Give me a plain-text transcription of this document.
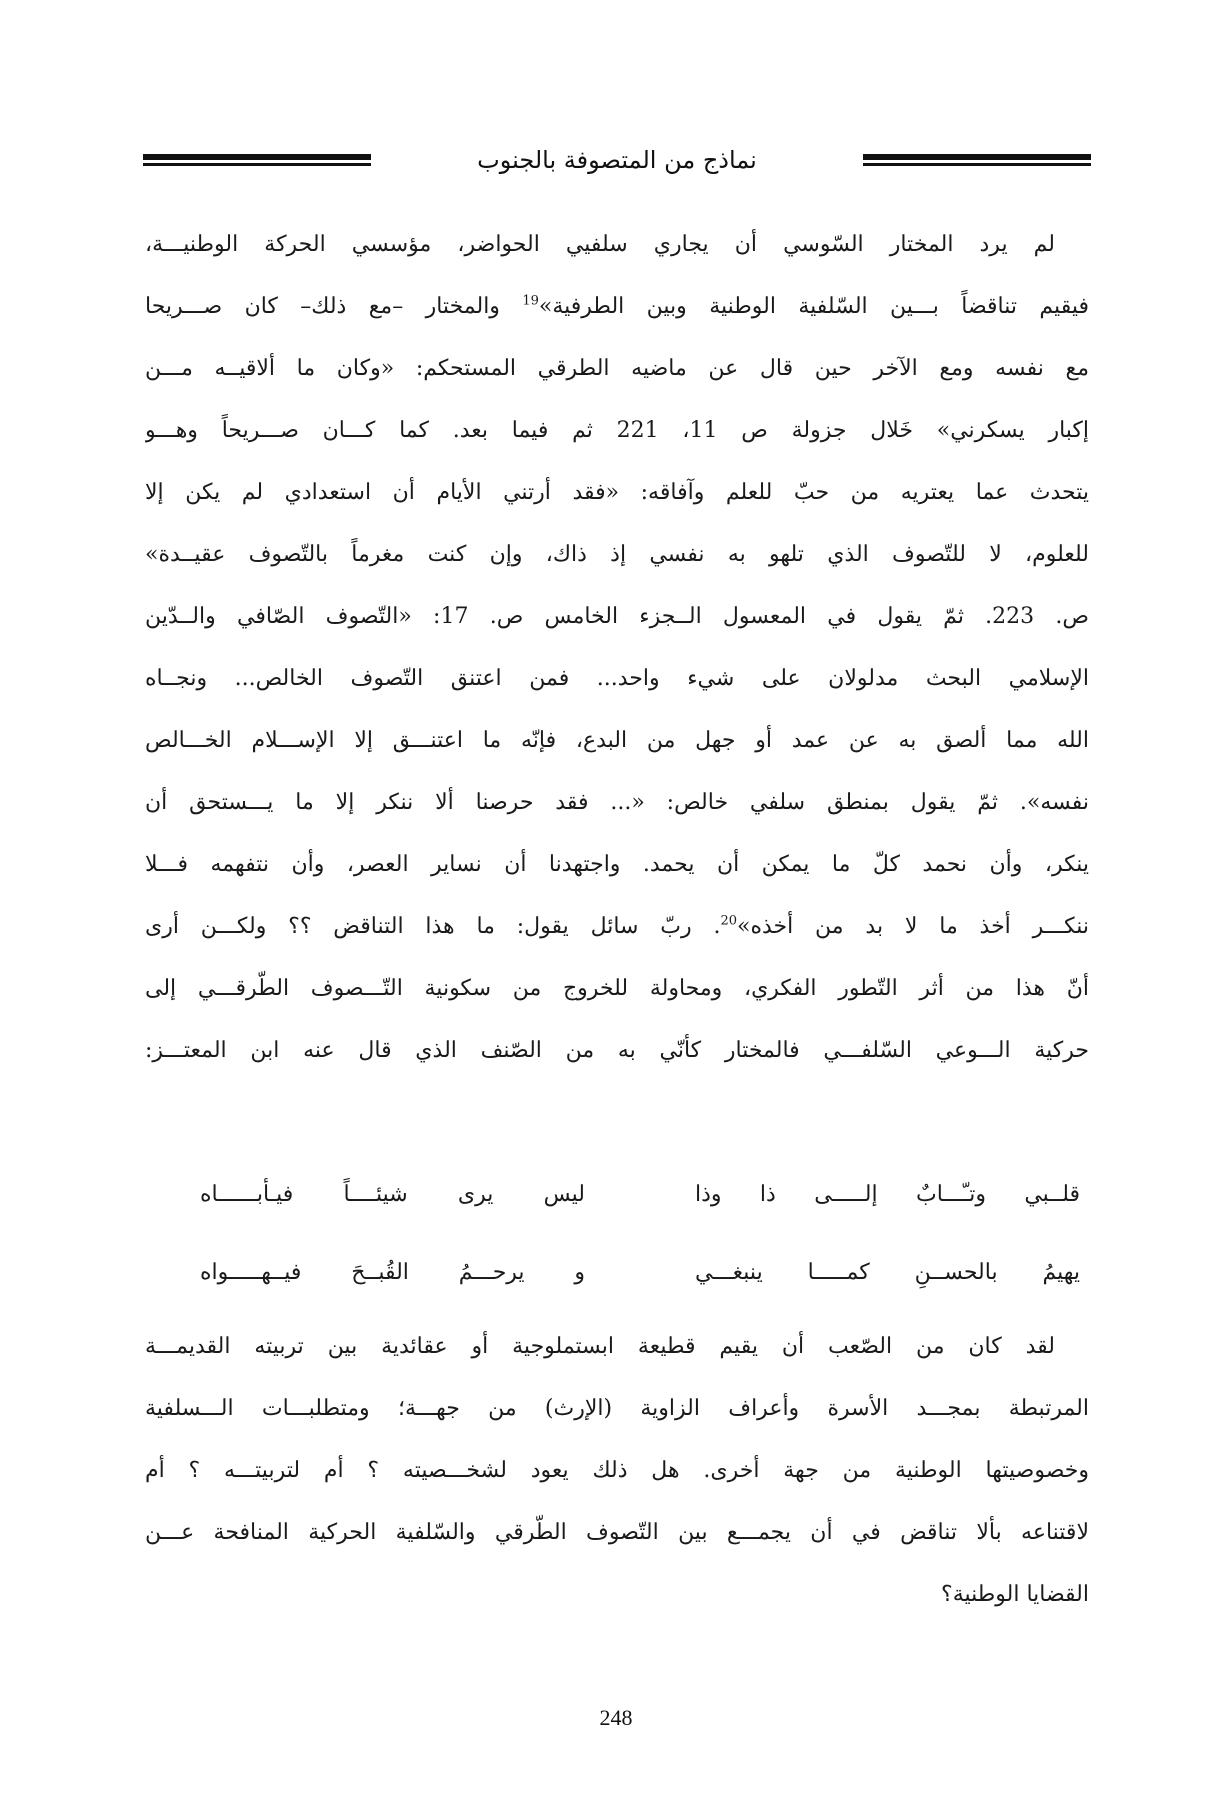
نماذج من المتصوفة بالجنوب
لم يرد المختار السّوسي أن يجاري سلفيي الحواضر، مؤسسي الحركة الوطنيـــة،
فيقيم تناقضاً بـــين السّلفية الوطنية وبين الطرفية»$^{19}$ والمختار –مع ذلك– كان صـــريحا
مع نفسه ومع الآخر حين قال عن ماضيه الطرقي المستحكم: «وكان ما ألاقيــه مـــن
إكبار يسكرني» خَلال جزولة ص 11، 221 ثم فيما بعد. كما كـــان صـــريحاً وهـــو
يتحدث عما يعتريه من حبّ للعلم وآفاقه: «فقد أرتني الأيام أن استعدادي لم يكن إلا
للعلوم، لا للتّصوف الذي تلهو به نفسي إذ ذاك، وإن كنت مغرماً بالتّصوف عقيــدة»
ص. 223. ثمّ يقول في المعسول الــجزء الخامس ص. 17: «التّصوف الصّافي والــدّين
الإسلامي البحث مدلولان على شيء واحد... فمن اعتنق التّصوف الخالص... ونجــاه
الله مما ألصق به عن عمد أو جهل من البدع، فإنّه ما اعتنـــق إلا الإســـلام الخـــالص
نفسه». ثمّ يقول بمنطق سلفي خالص: «... فقد حرصنا ألا ننكر إلا ما يـــستحق أن
ينكر، وأن نحمد كلّ ما يمكن أن يحمد. واجتهدنا أن نساير العصر، وأن نتفهمه فـــلا
ننكـــر أخذ ما لا بد من أخذه»$^{20}$. ربّ سائل يقول: ما هذا التناقض ؟؟ ولكـــن أرى
أنّ هذا من أثر التّطور الفكري، ومحاولة للخروج من سكونية التّـــصوف الطّرقـــي إلى
حركية الـــوعي السّلفـــي فالمختار كأنّي به من الصّنف الذي قال عنه ابن المعتـــز:
قلــبي وتـّـــابٌ إلـــــى ذا وذا
ليس يرى شيئــــاً فيـأبــــــاه
يهيمُ بالحســنِ كمـــــا ينبغـــي
و يرحـــمُ القُبــحَ فيــهـــــواه
لقد كان من الصّعب أن يقيم قطيعة ابستملوجية أو عقائدية بين تربيته القديمـــة
المرتبطة بمجـــد الأسرة وأعراف الزاوية (الإرث) من جهـــة؛ ومتطلبـــات الـــسلفية
وخصوصيتها الوطنية من جهة أخرى. هل ذلك يعود لشخـــصيته ؟ أم لتربيتـــه ؟ أم
لاقتناعه بألا تناقض في أن يجمـــع بين التّصوف الطّرقي والسّلفية الحركية المنافحة عـــن
القضايا الوطنية؟
248
